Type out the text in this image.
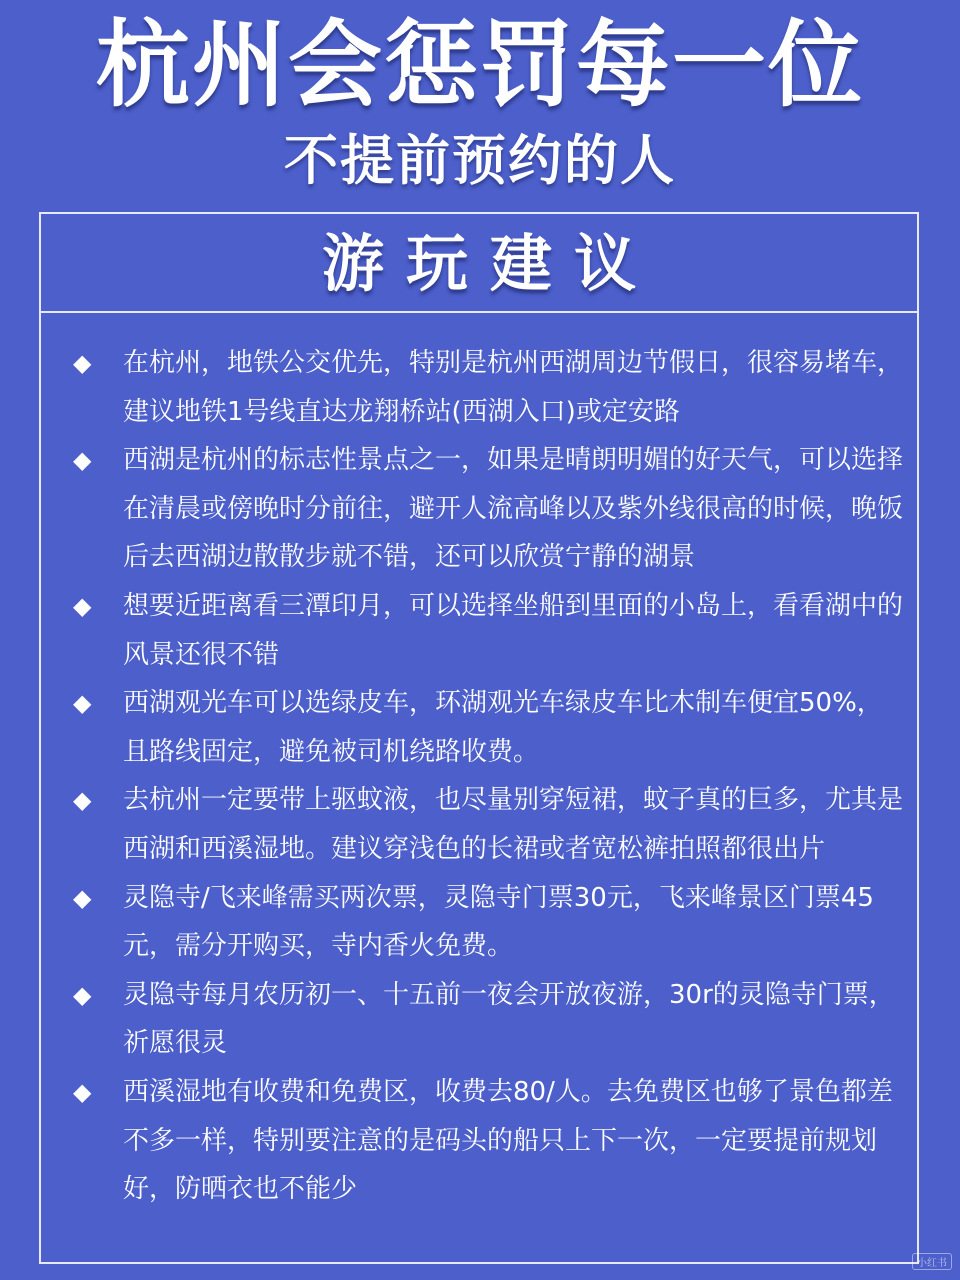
杭州会惩罚每一位
不提前预约的人
游玩建议
◆ 在杭州，地铁公交优先，特别是杭州西湖周边节假日，很容易堵车，建议地铁1号线直达龙翔桥站(西湖入口)或定安路
◆ 西湖是杭州的标志性景点之一，如果是晴朗明媚的好天气，可以选择在清晨或傍晚时分前往，避开人流高峰以及紫外线很高的时候，晚饭后去西湖边散散步就不错，还可以欣赏宁静的湖景
◆ 想要近距离看三潭印月，可以选择坐船到里面的小岛上，看看湖中的风景还很不错
◆ 西湖观光车可以选绿皮车，环湖观光车绿皮车比木制车便宜50%，且路线固定，避免被司机绕路收费。
◆ 去杭州一定要带上驱蚊液，也尽量别穿短裙，蚊子真的巨多，尤其是西湖和西溪湿地。建议穿浅色的长裙或者宽松裤拍照都很出片
◆ 灵隐寺/飞来峰需买两次票，灵隐寺门票30元，飞来峰景区门票45元，需分开购买，寺内香火免费。
◆ 灵隐寺每月农历初一、十五前一夜会开放夜游，30r的灵隐寺门票，祈愿很灵
◆ 西溪湿地有收费和免费区，收费去80/人。去免费区也够了景色都差不多一样，特别要注意的是码头的船只上下一次，一定要提前规划好，防晒衣也不能少
小红书
